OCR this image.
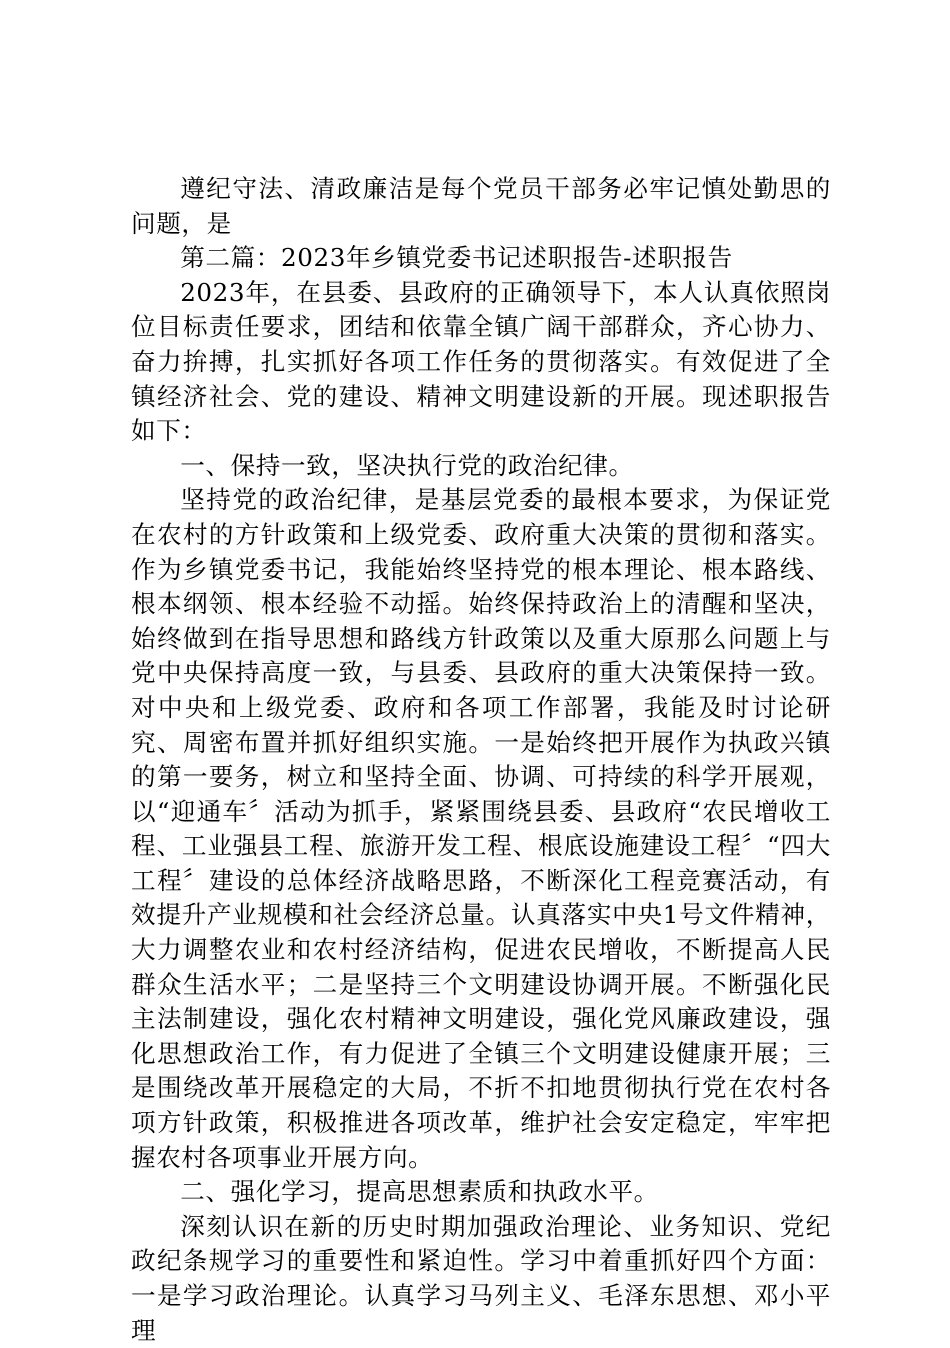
遵纪守法、清政廉洁是每个党员干部务必牢记慎处勤思的问题，是

第二篇：2023年乡镇党委书记述职报告-述职报告

2023年，在县委、县政府的正确领导下，本人认真依照岗位目标责任要求，团结和依靠全镇广阔干部群众，齐心协力、奋力拚搏，扎实抓好各项工作任务的贯彻落实。有效促进了全镇经济社会、党的建设、精神文明建设新的开展。现述职报告如下：

一、保持一致，坚决执行党的政治纪律。

坚持党的政治纪律，是基层党委的最根本要求，为保证党在农村的方针政策和上级党委、政府重大决策的贯彻和落实。作为乡镇党委书记，我能始终坚持党的根本理论、根本路线、根本纲领、根本经验不动摇。始终保持政治上的清醒和坚决，始终做到在指导思想和路线方针政策以及重大原那么问题上与党中央保持高度一致，与县委、县政府的重大决策保持一致。对中央和上级党委、政府和各项工作部署，我能及时讨论研究、周密布置并抓好组织实施。一是始终把开展作为执政兴镇的第一要务，树立和坚持全面、协调、可持续的科学开展观，以“迎通车〞活动为抓手，紧紧围绕县委、县政府“农民增收工程、工业强县工程、旅游开发工程、根底设施建设工程〞“四大工程〞建设的总体经济战略思路，不断深化工程竞赛活动，有效提升产业规模和社会经济总量。认真落实中央1号文件精神，大力调整农业和农村经济结构，促进农民增收，不断提高人民群众生活水平；二是坚持三个文明建设协调开展。不断强化民主法制建设，强化农村精神文明建设，强化党风廉政建设，强化思想政治工作，有力促进了全镇三个文明建设健康开展；三是围绕改革开展稳定的大局，不折不扣地贯彻执行党在农村各项方针政策，积极推进各项改革，维护社会安定稳定，牢牢把握农村各项事业开展方向。

二、强化学习，提高思想素质和执政水平。

深刻认识在新的历史时期加强政治理论、业务知识、党纪政纪条规学习的重要性和紧迫性。学习中着重抓好四个方面：一是学习政治理论。认真学习马列主义、毛泽东思想、邓小平理
